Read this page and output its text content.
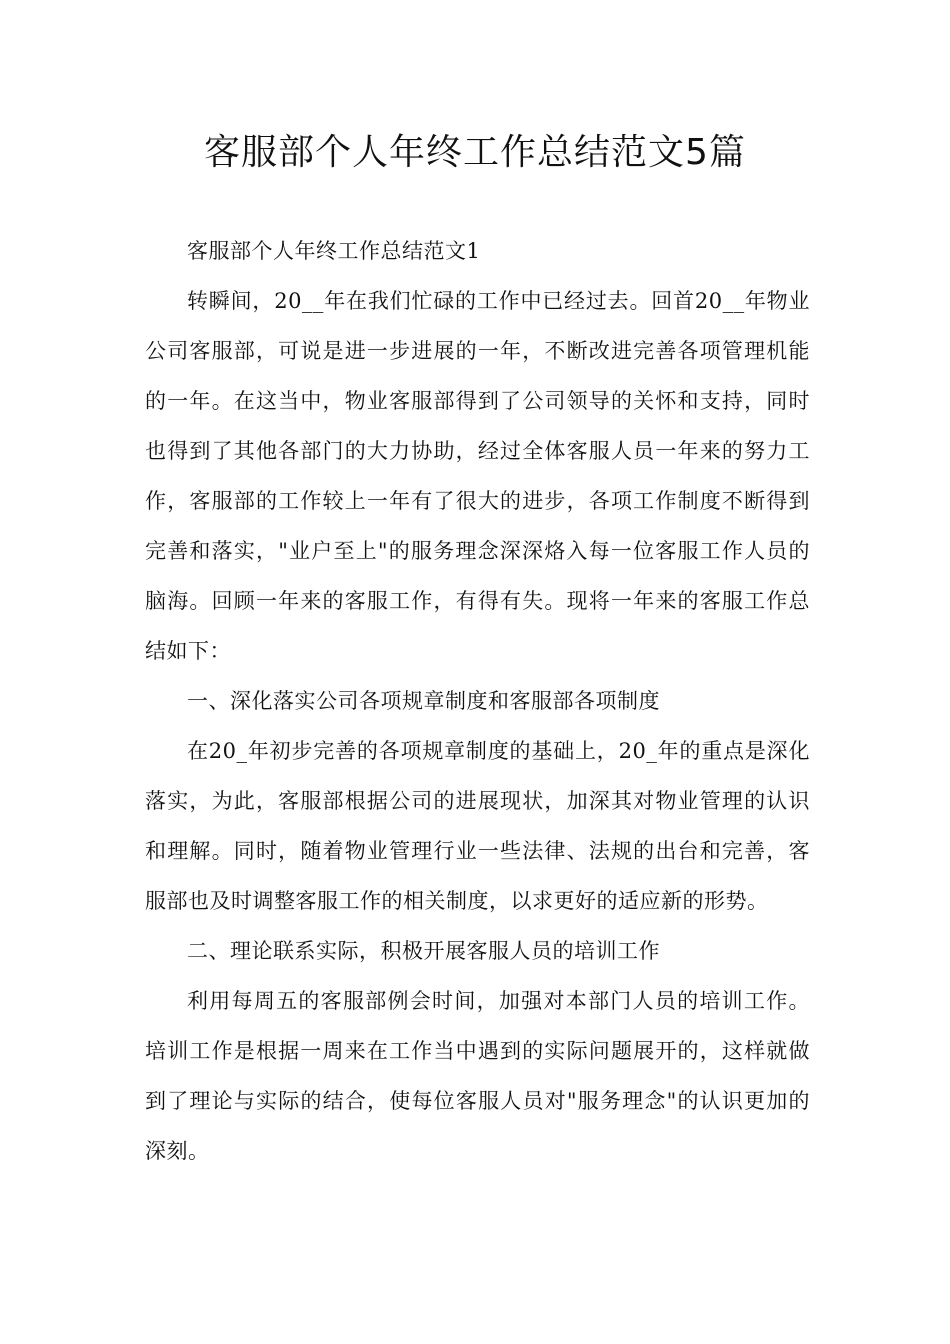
客服部个人年终工作总结范文5篇

客服部个人年终工作总结范文1

转瞬间，20__年在我们忙碌的工作中已经过去。回首20__年物业公司客服部，可说是进一步进展的一年，不断改进完善各项管理机能的一年。在这当中，物业客服部得到了公司领导的关怀和支持，同时也得到了其他各部门的大力协助，经过全体客服人员一年来的努力工作，客服部的工作较上一年有了很大的进步，各项工作制度不断得到完善和落实，"业户至上"的服务理念深深烙入每一位客服工作人员的脑海。回顾一年来的客服工作，有得有失。现将一年来的客服工作总结如下：

一、深化落实公司各项规章制度和客服部各项制度

在20_年初步完善的各项规章制度的基础上，20_年的重点是深化落实，为此，客服部根据公司的进展现状，加深其对物业管理的认识和理解。同时，随着物业管理行业一些法律、法规的出台和完善，客服部也及时调整客服工作的相关制度，以求更好的适应新的形势。

二、理论联系实际，积极开展客服人员的培训工作

利用每周五的客服部例会时间，加强对本部门人员的培训工作。培训工作是根据一周来在工作当中遇到的实际问题展开的，这样就做到了理论与实际的结合，使每位客服人员对"服务理念"的认识更加的深刻。
